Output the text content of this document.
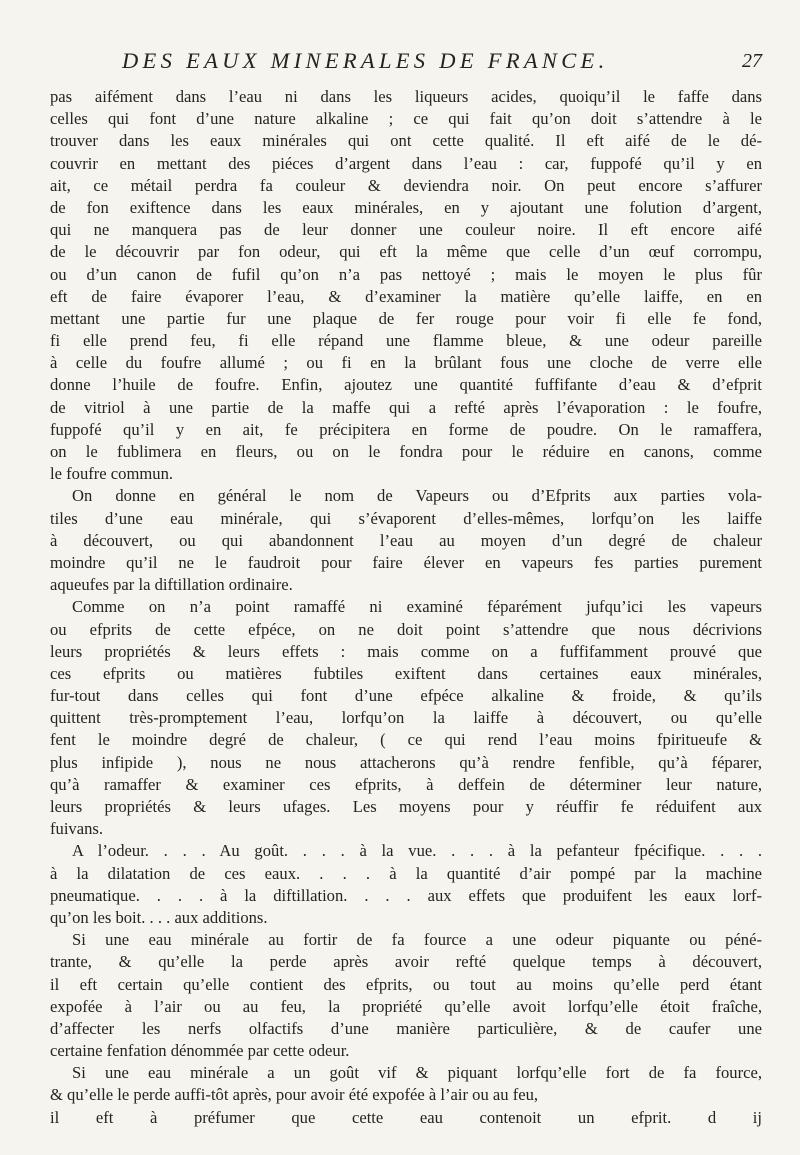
DES EAUX MINERALES DE FRANCE.	27

pas aifément dans l’eau ni dans les liqueurs acides, quoiqu’il le faffe dans
celles qui font d’une nature alkaline ; ce qui fait qu’on doit s’attendre à le
trouver dans les eaux minérales qui ont cette qualité. Il eft aifé de le dé-
couvrir en mettant des piéces d’argent dans l’eau : car, fuppofé qu’il y en
ait, ce métail perdra fa couleur & deviendra noir. On peut encore s’affurer
de fon exiftence dans les eaux minérales, en y ajoutant une folution d’argent,
qui ne manquera pas de leur donner une couleur noire. Il eft encore aifé
de le découvrir par fon odeur, qui eft la même que celle d’un œuf corrompu,
ou d’un canon de fufil qu’on n’a pas nettoyé ; mais le moyen le plus fûr
eft de faire évaporer l’eau, & d’examiner la matière qu’elle laiffe, en en
mettant une partie fur une plaque de fer rouge pour voir fi elle fe fond,
fi elle prend feu, fi elle répand une flamme bleue, & une odeur pareille
à celle du foufre allumé ; ou fi en la brûlant fous une cloche de verre elle
donne l’huile de foufre. Enfin, ajoutez une quantité fuffifante d’eau & d’efprit
de vitriol à une partie de la maffe qui a refté après l’évaporation : le foufre,
fuppofé qu’il y en ait, fe précipitera en forme de poudre. On le ramaffera,
on le fublimera en fleurs, ou on le fondra pour le réduire en canons, comme
le foufre commun.

On donne en général le nom de Vapeurs ou d’Efprits aux parties vola-
tiles d’une eau minérale, qui s’évaporent d’elles-mêmes, lorfqu’on les laiffe
à découvert, ou qui abandonnent l’eau au moyen d’un degré de chaleur
moindre qu’il ne le faudroit pour faire élever en vapeurs fes parties purement
aqueufes par la diftillation ordinaire.

Comme on n’a point ramaffé ni examiné féparément jufqu’ici les vapeurs
ou efprits de cette efpéce, on ne doit point s’attendre que nous décrivions
leurs propriétés & leurs effets : mais comme on a fuffifamment prouvé que
ces efprits ou matières fubtiles exiftent dans certaines eaux minérales,
fur-tout dans celles qui font d’une efpéce alkaline & froide, & qu’ils
quittent très-promptement l’eau, lorfqu’on la laiffe à découvert, ou qu’elle
fent le moindre degré de chaleur, ( ce qui rend l’eau moins fpiritueufe &
plus infipide ), nous ne nous attacherons qu’à rendre fenfible, qu’à féparer,
qu’à ramaffer & examiner ces efprits, à deffein de déterminer leur nature,
leurs propriétés & leurs ufages. Les moyens pour y réuffir fe réduifent aux
fuivans.

A l’odeur. . . . Au goût. . . . à la vue. . . . à la pefanteur fpécifique. . . .
à la dilatation de ces eaux. . . . à la quantité d’air pompé par la machine
pneumatique. . . . à la diftillation. . . . aux effets que produifent les eaux lorf-
qu’on les boit. . . . aux additions.

Si une eau minérale au fortir de fa fource a une odeur piquante ou péné-
trante, & qu’elle la perde après avoir refté quelque temps à découvert,
il eft certain qu’elle contient des efprits, ou tout au moins qu’elle perd étant
expofée à l’air ou au feu, la propriété qu’elle avoit lorfqu’elle étoit fraîche,
d’affecter les nerfs olfactifs d’une manière particulière, & de caufer une
certaine fenfation dénommée par cette odeur.

Si une eau minérale a un goût vif & piquant lorfqu’elle fort de fa fource,
& qu’elle le perde auffi-tôt après, pour avoir été expofée à l’air ou au feu,

il eft à préfumer que cette eau contenoit un efprit. d ij
